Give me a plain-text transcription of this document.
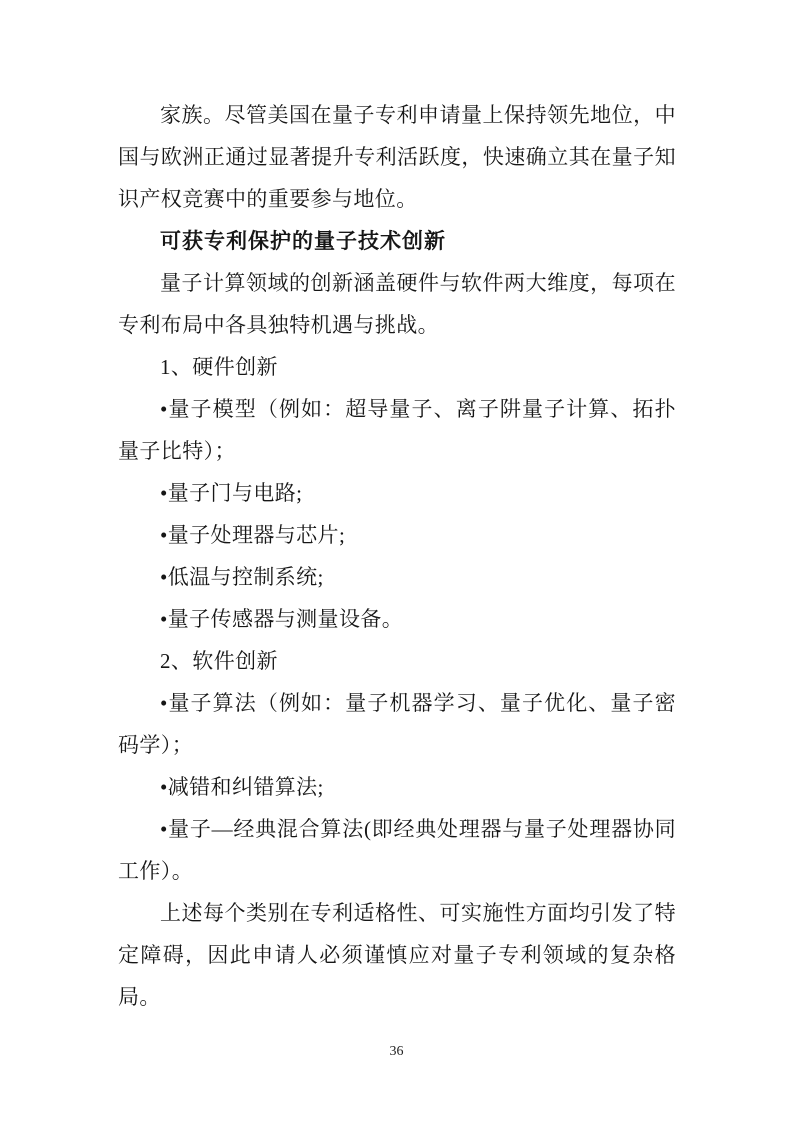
家族。尽管美国在量子专利申请量上保持领先地位，中国与欧洲正通过显著提升专利活跃度，快速确立其在量子知识产权竞赛中的重要参与地位。

可获专利保护的量子技术创新

量子计算领域的创新涵盖硬件与软件两大维度，每项在专利布局中各具独特机遇与挑战。

1、硬件创新

•量子模型（例如：超导量子、离子阱量子计算、拓扑量子比特）；

•量子门与电路;

•量子处理器与芯片;

•低温与控制系统;

•量子传感器与测量设备。

2、软件创新

•量子算法（例如：量子机器学习、量子优化、量子密码学）；

•减错和纠错算法;

•量子—经典混合算法(即经典处理器与量子处理器协同工作）。

上述每个类别在专利适格性、可实施性方面均引发了特定障碍，因此申请人必须谨慎应对量子专利领域的复杂格局。

36
